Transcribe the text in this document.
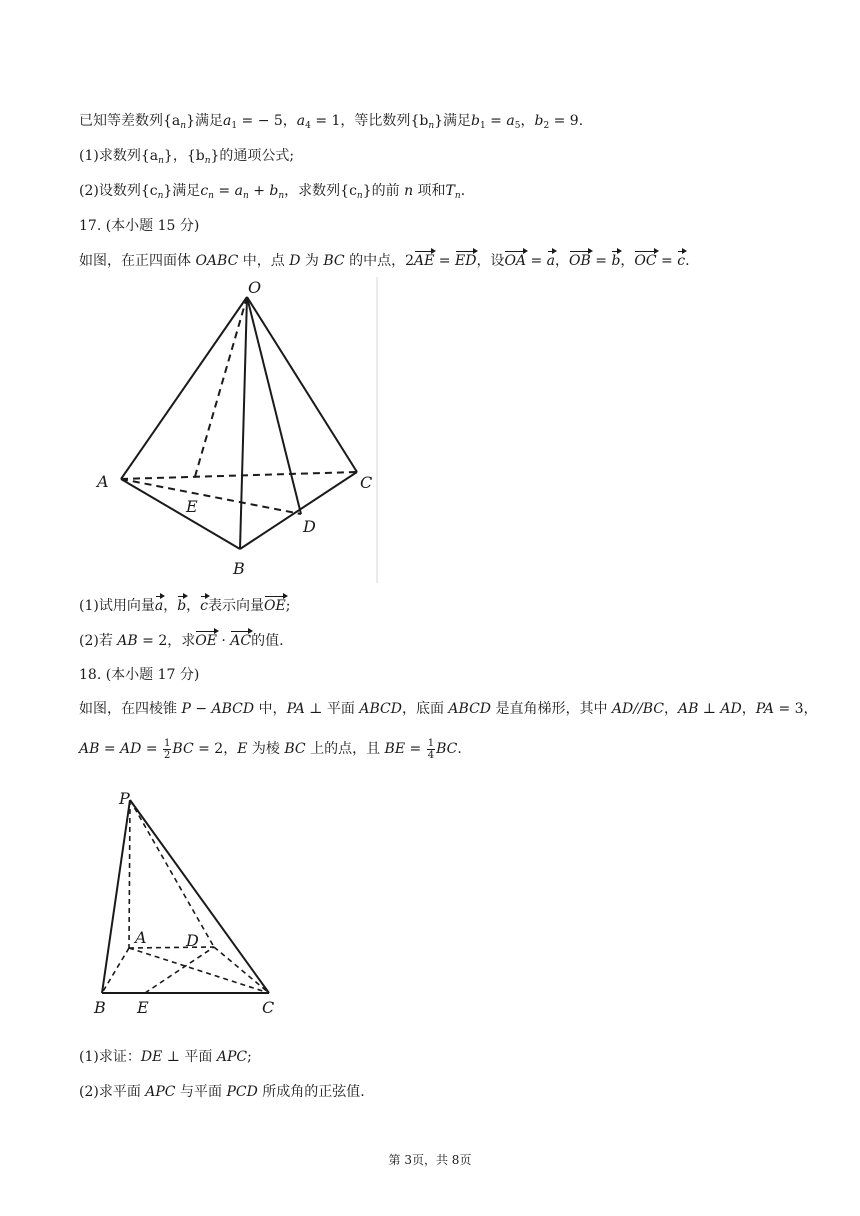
已知等差数列$\{a_n\}$满足$a_1$ = − 5，$a_4 = 1$，等比数列$\{b_n\}$满足$b_1 = a_5$，$b_2 = 9$.
(1)求数列$\{a_n\}$，$\{b_n\}$的通项公式;
(2)设数列$\{c_n\}$满足$c_n = a_n + b_n$，求数列$\{c_n\}$的前 n 项和$T_n$.
17. (本小题 15 分)
如图，在正四面体 OABC 中，点 D 为 BC 的中点，2AE = ED，设OA = a，OB = b，OC = c.
O
A	C
E
D
B
(1)试用向量a，b，c表示向量OE;
(2)若 AB = 2，求OE · AC的值.
18. (本小题 17 分)
如图，在四棱锥 P − ABCD 中，PA ⊥ 平面 ABCD，底面 ABCD 是直角梯形，其中 AD//BC，AB ⊥ AD，PA = 3，
AB = AD = $\frac{1}{2}$ BC = 2，E 为棱 BC 上的点，且 BE = $\frac{1}{4}$ BC.
P
A D
B E	C
(1)求证：DE ⊥ 平面 APC;
(2)求平面 APC 与平面 PCD 所成角的正弦值.
第 3页，共 8页
